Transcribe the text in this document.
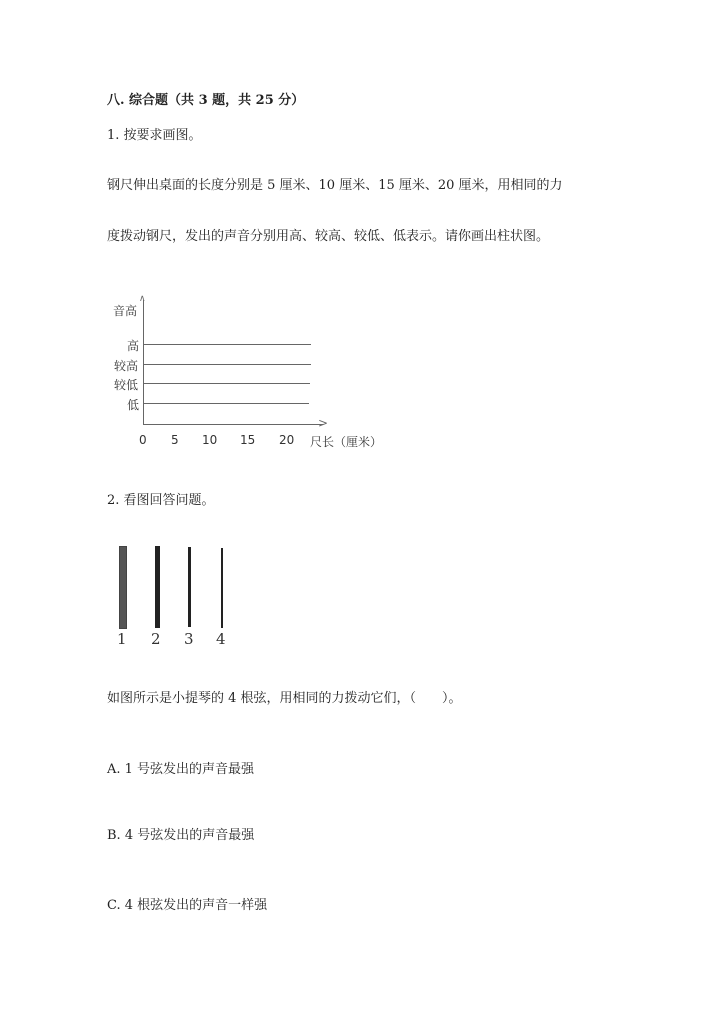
八. 综合题（共 3 题，共 25 分）
1. 按要求画图。
钢尺伸出桌面的长度分别是 5 厘米、10 厘米、15 厘米、20 厘米，用相同的力
度拨动钢尺，发出的声音分别用高、较高、较低、低表示。请你画出柱状图。
音高
∧
>
高
较高
较低
低
0 5 10 15 20 尺长（厘米）
2. 看图回答问题。
1 2 3 4
如图所示是小提琴的 4 根弦，用相同的力拨动它们，（　　）。
A. 1 号弦发出的声音最强
B. 4 号弦发出的声音最强
C. 4 根弦发出的声音一样强
